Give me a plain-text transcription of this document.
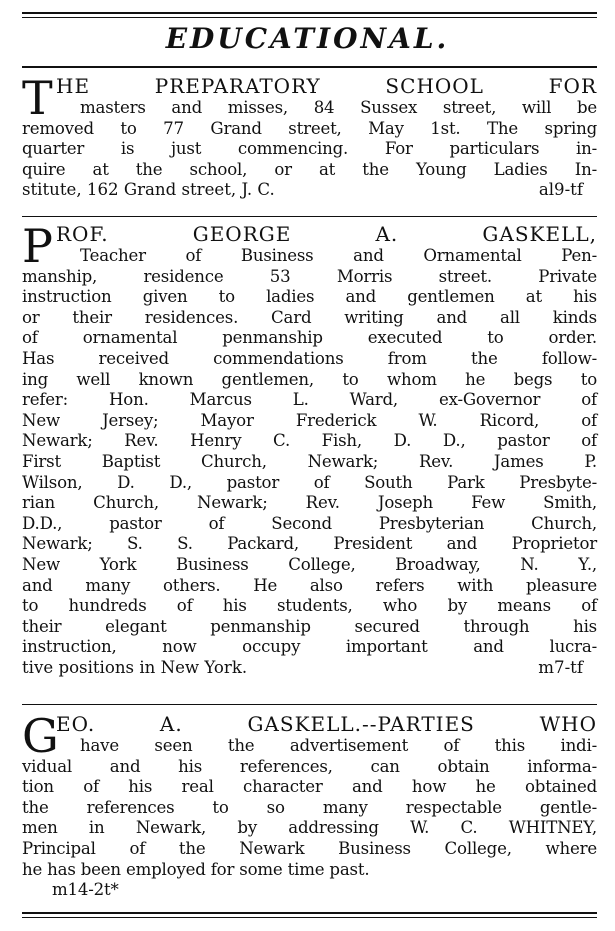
EDUCATIONAL.
T HE PREPARATORY SCHOOL FOR
masters and misses, 84 Sussex street, will be
removed to 77 Grand street, May 1st. The spring
quarter is just commencing. For particulars in-
quire at the school, or at the Young Ladies In-
stitute, 162 Grand street, J. C.	al9-tf
P ROF. GEORGE A. GASKELL,
Teacher of Business and Ornamental Pen-
manship, residence 53 Morris street. Private
instruction given to ladies and gentlemen at his
or their residences. Card writing and all kinds
of ornamental penmanship executed to order.
Has received commendations from the follow-
ing well known gentlemen, to whom he begs to
refer: Hon. Marcus L. Ward, ex-Governor of
New Jersey; Mayor Frederick W. Ricord, of
Newark; Rev. Henry C. Fish, D. D., pastor of
First Baptist Church, Newark; Rev. James P.
Wilson, D. D., pastor of South Park Presbyte-
rian Church, Newark; Rev. Joseph Few Smith,
D.D., pastor of Second Presbyterian Church,
Newark; S. S. Packard, President and Proprietor
New York Business College, Broadway, N. Y.,
and many others. He also refers with pleasure
to hundreds of his students, who by means of
their elegant penmanship secured through his
instruction, now occupy important and lucra-
tive positions in New York.	m7-tf
G
EO. A. GASKELL.--PARTIES WHO
have seen the advertisement of this indi-
vidual and his references, can obtain informa-
tion of his real character and how he obtained
the references to so many respectable gentle-
men in Newark, by addressing W. C. WHITNEY,
Principal of the Newark Business College, where
he has been employed for some time past.
m14-2t*
